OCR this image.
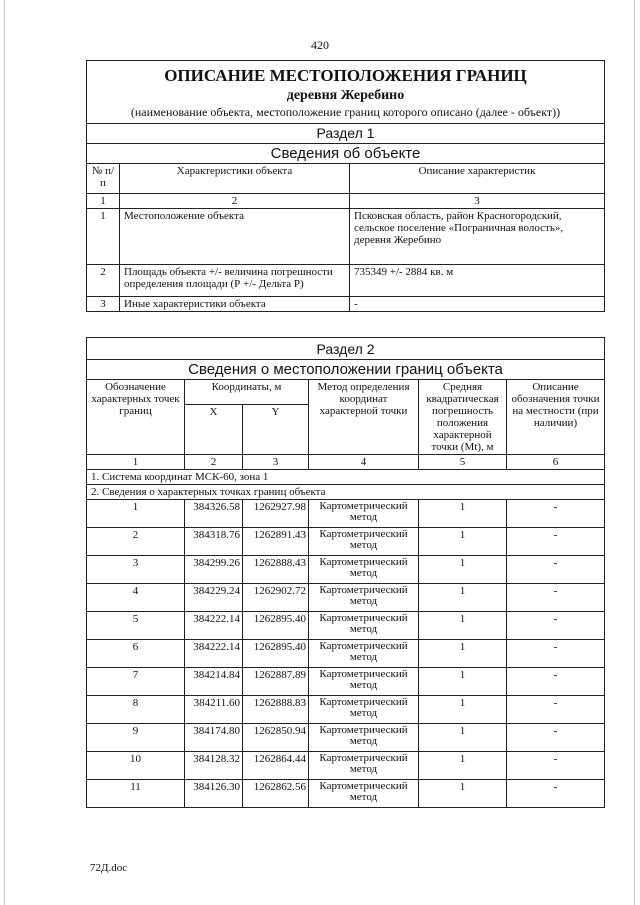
420
ОПИСАНИЕ МЕСТОПОЛОЖЕНИЯ ГРАНИЦ
деревня Жеребино
(наименование объекта, местоположение границ которого описано (далее - объект))		

Раздел 1		
Сведения об объекте		
№ п/п	Характеристики объекта	Описание характеристик
1	2	3
1	Местоположение объекта	Псковская область, район Красногородский, сельское поселение «Пограничная волость», деревня Жеребино
2	Площадь объекта +/- величина погрешности определения площади (Р +/- Дельта Р)	735349 +/- 2884 кв. м
3	Иные характеристики объекта	-
Раздел 2					
Сведения о местоположении границ объекта					
Обозначение характерных точек границ	Координаты, м		Метод определения координат характерной точки	Средняя квадратическая погрешность положения характерной точки (Mt), м	Описание обозначения точки на местности (при наличии)
	X	Y			
1	2	3	4	5	6
1. Система координат МСК-60, зона 1					
2. Сведения о характерных точках границ объекта					
1	384326.58	1262927.98	Картометрический метод	1	-
2	384318.76	1262891.43	Картометрический метод	1	-
3	384299.26	1262888.43	Картометрический метод	1	-
4	384229.24	1262902.72	Картометрический метод	1	-
5	384222.14	1262895.40	Картометрический метод	1	-
6	384222.14	1262895.40	Картометрический метод	1	-
7	384214.84	1262887.89	Картометрический метод	1	-
8	384211.60	1262888.83	Картометрический метод	1	-
9	384174.80	1262850.94	Картометрический метод	1	-
10	384128.32	1262864.44	Картометрический метод	1	-
11	384126.30	1262862.56	Картометрический метод	1	-
72Д.doc
